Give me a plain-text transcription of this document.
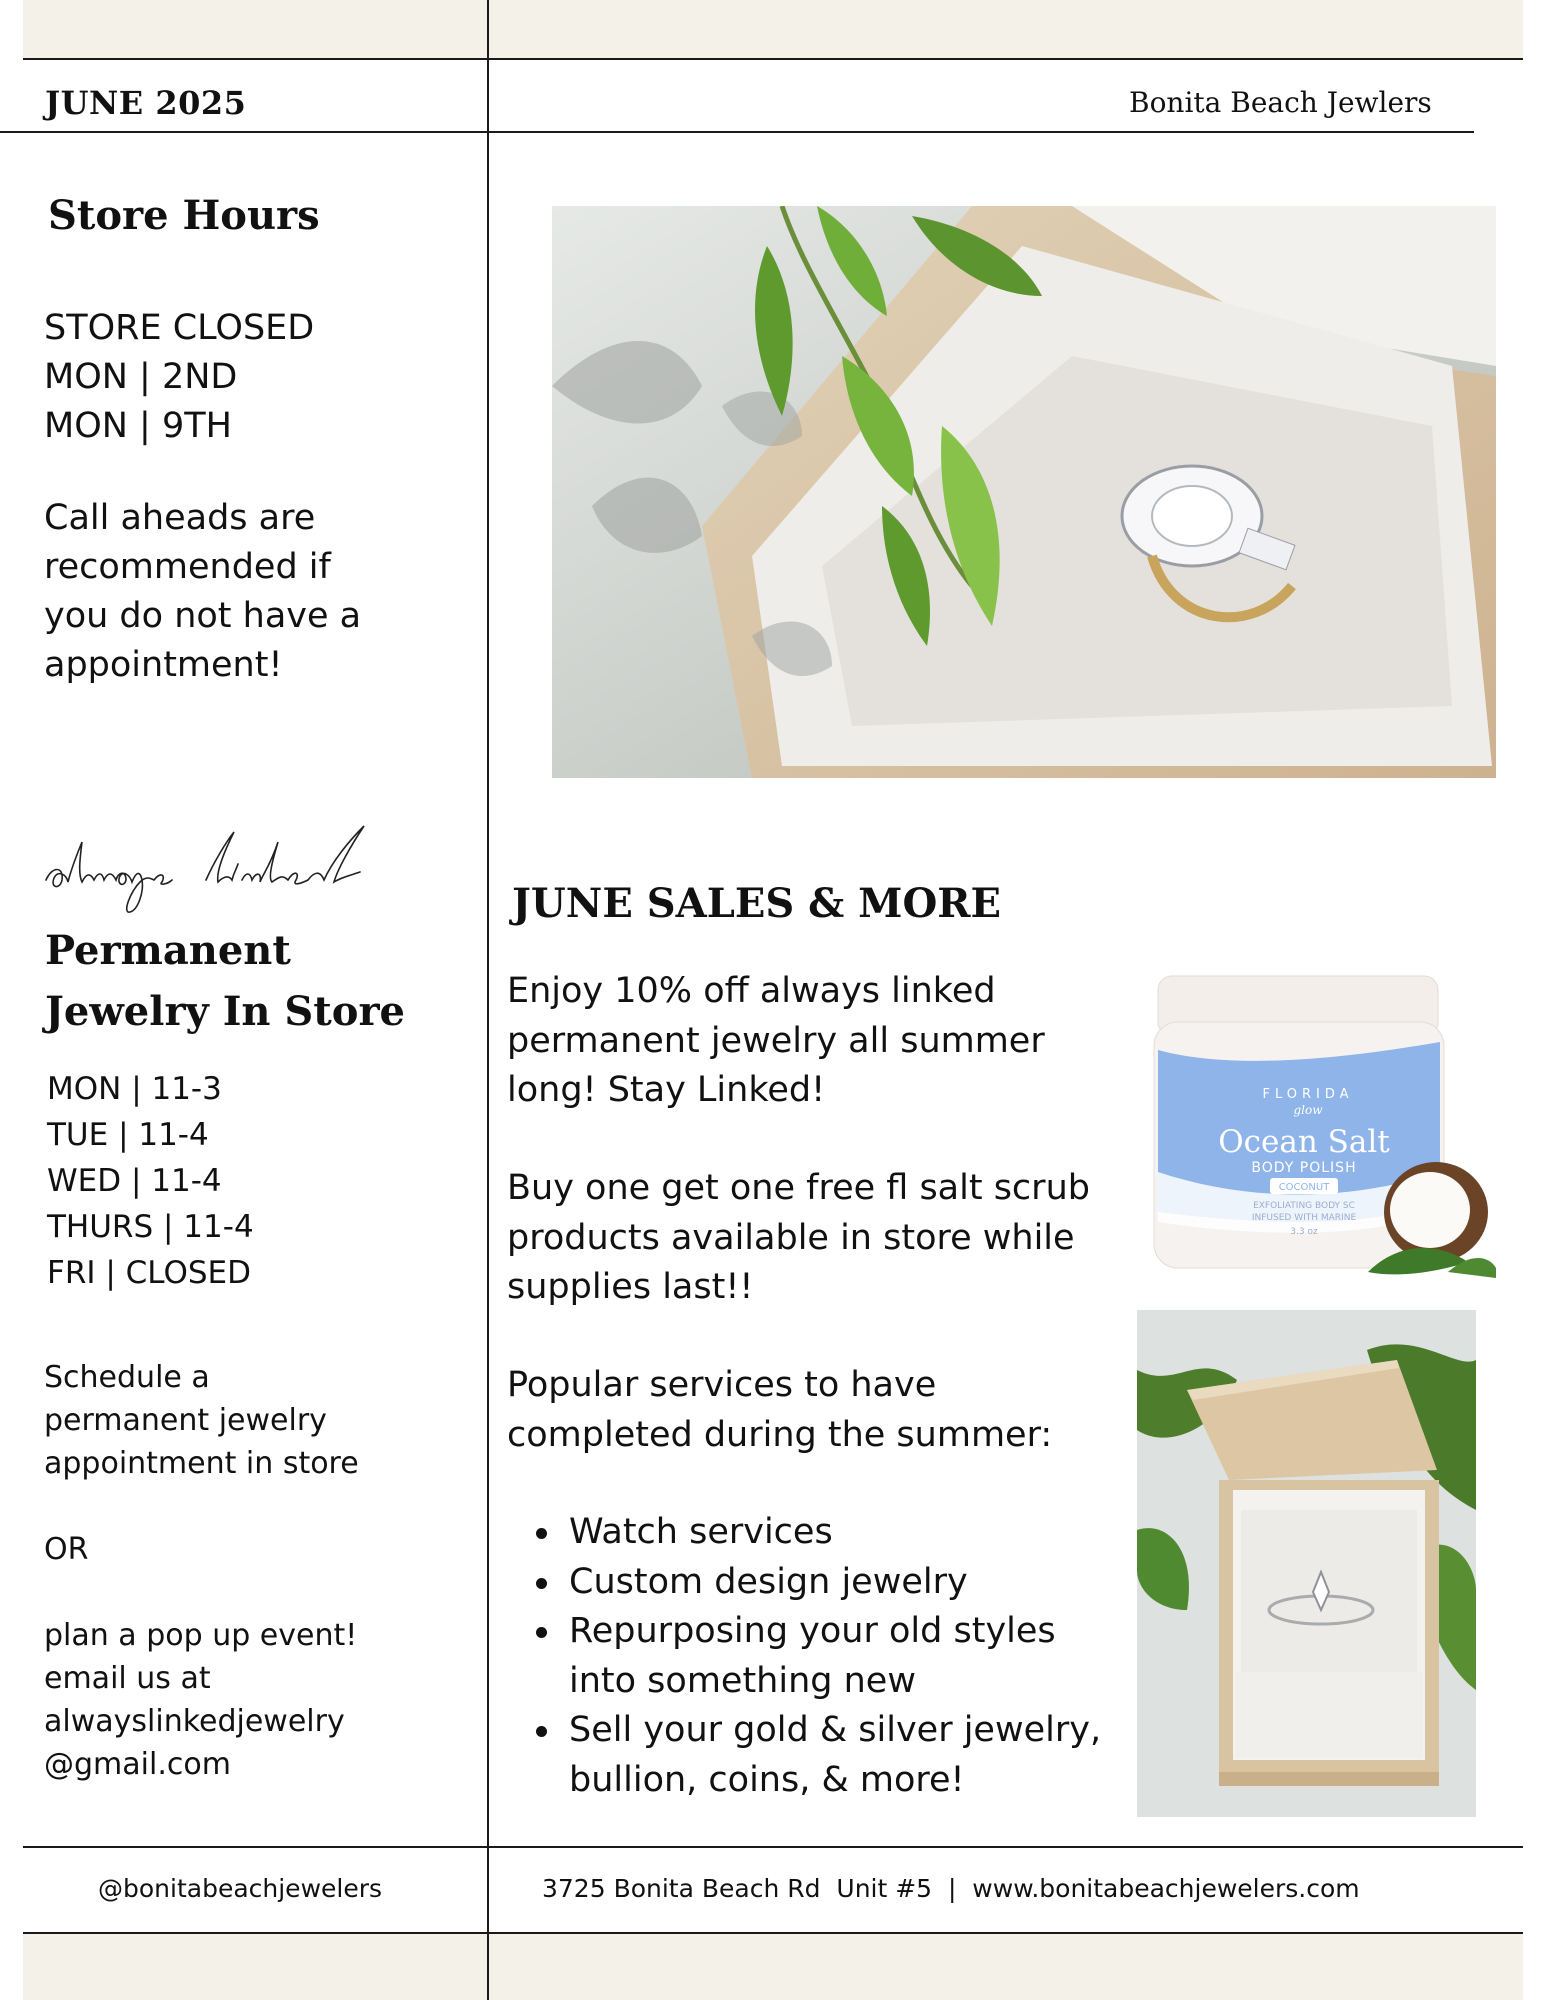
JUNE 2025	Bonita Beach Jewlers
Store Hours
STORE CLOSED
MON | 2ND
MON | 9TH
Call aheads are
recommended if
you do not have a
appointment!
Permanent
Jewelry In Store
MON | 11-3
TUE | 11-4
WED | 11-4
THURS | 11-4
FRI | CLOSED
Schedule a
permanent jewelry
appointment in store

OR

plan a pop up event!
email us at
alwayslinkedjewelry
@gmail.com
JUNE SALES & MORE
Enjoy 10% off always linked
permanent jewelry all summer
long! Stay Linked!
Buy one get one free fl salt scrub
products available in store while
supplies last!!
Popular services to have
completed during the summer:
Watch services
Custom design jewelry
Repurposing your old styles
into something new
Sell your gold & silver jewelry,
bullion, coins, & more!
FLORIDA
glow
Ocean Salt
BODY POLISH
COCONUT
EXFOLIATING BODY SC
INFUSED WITH MARINE
3.3 oz
@bonitabeachjewelers	3725 Bonita Beach Rd  Unit #5  |  www.bonitabeachjewelers.com
